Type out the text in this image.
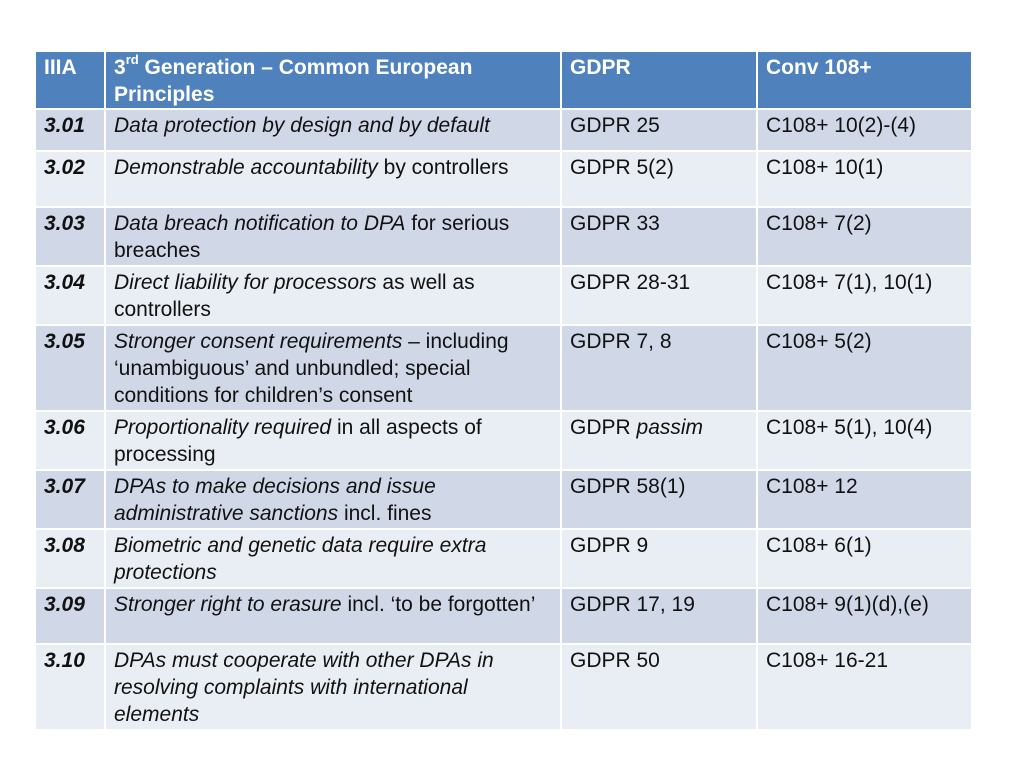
IIIA	3rd Generation – Common European Principles	GDPR	Conv 108+
3.01	Data protection by design and by default	GDPR 25	C108+ 10(2)-(4)
3.02	Demonstrable accountability by controllers	GDPR 5(2)	C108+ 10(1)
3.03	Data breach notification to DPA for serious breaches	GDPR 33	C108+ 7(2)
3.04	Direct liability for processors as well as controllers	GDPR 28-31	C108+ 7(1), 10(1)
3.05	Stronger consent requirements – including ‘unambiguous’ and unbundled; special conditions for children’s consent	GDPR 7, 8	C108+ 5(2)
3.06	Proportionality required in all aspects of processing	GDPR passim	C108+ 5(1), 10(4)
3.07	DPAs to make decisions and issue administrative sanctions incl. fines	GDPR 58(1)	C108+ 12
3.08	Biometric and genetic data require extra protections	GDPR 9	C108+ 6(1)
3.09	Stronger right to erasure incl. ‘to be forgotten’	GDPR 17, 19	C108+ 9(1)(d),(e)
3.10	DPAs must cooperate with other DPAs in resolving complaints with international elements	GDPR 50	C108+ 16-21
